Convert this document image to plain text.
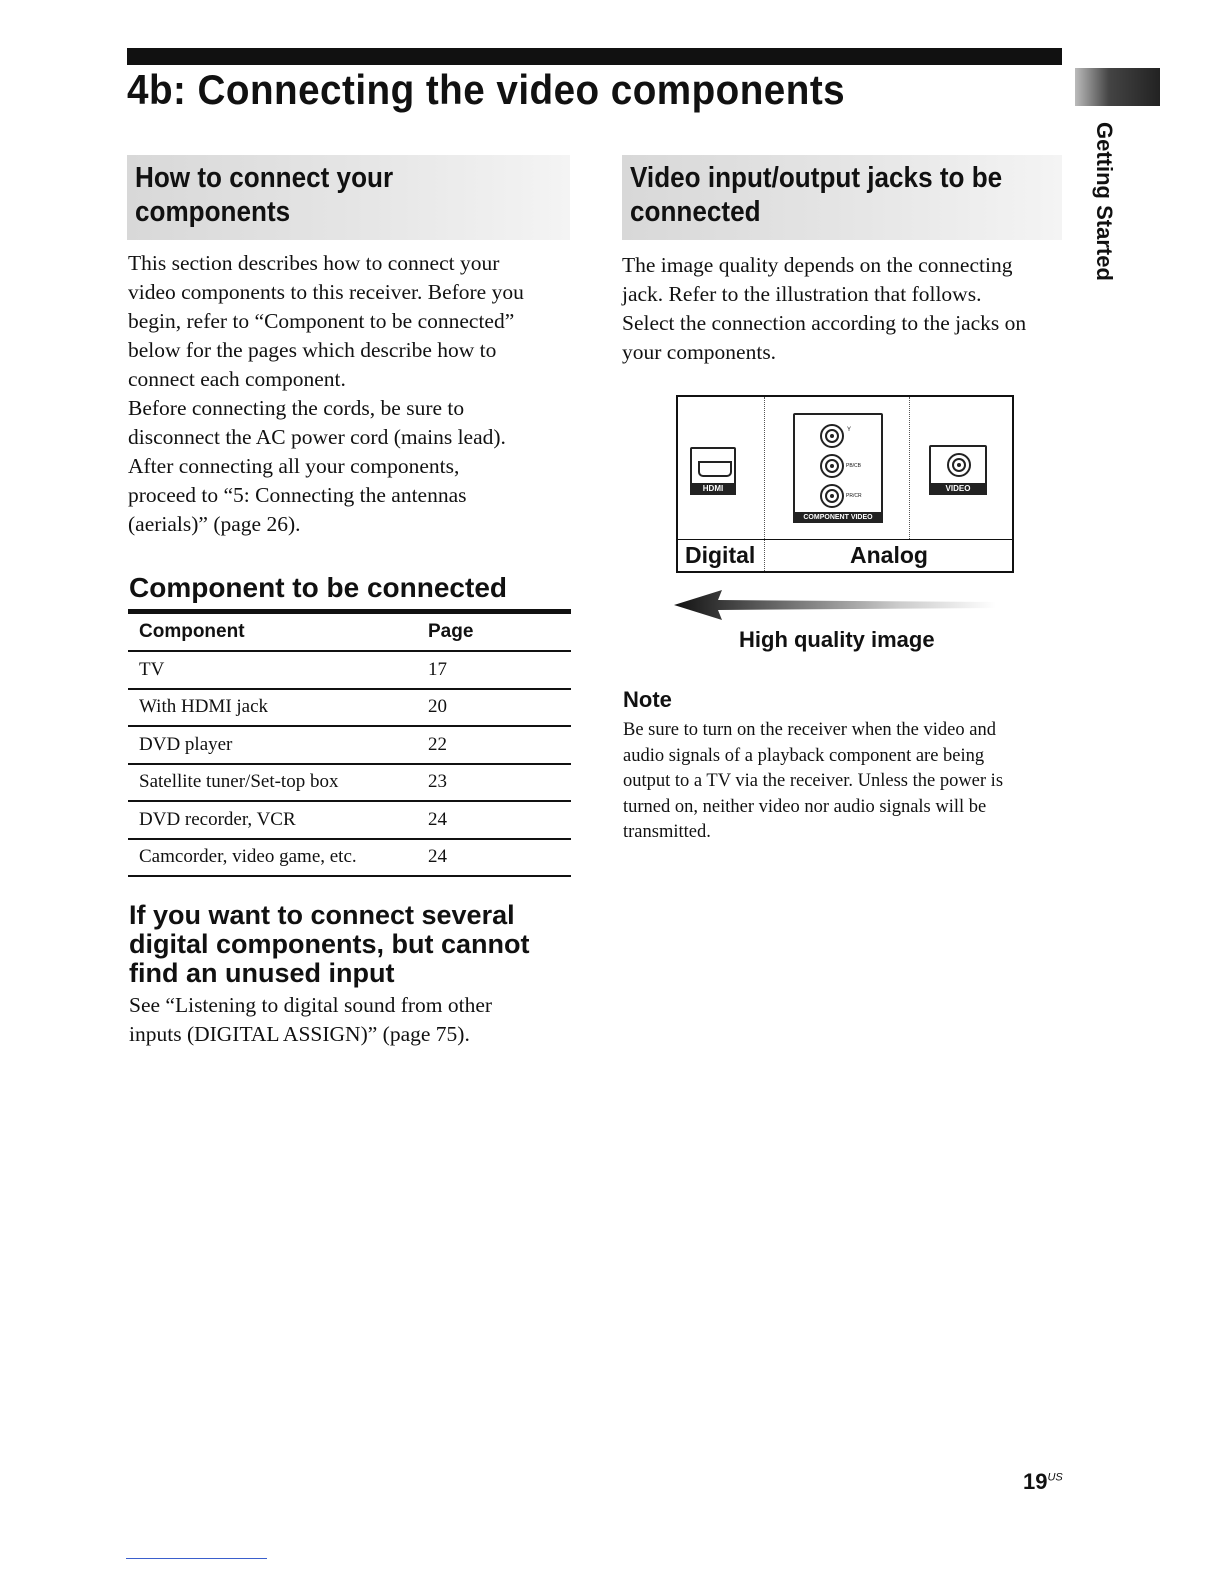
4b: Connecting the video components
Getting Started
How to connect your
components

This section describes how to connect your

video components to this receiver. Before you

begin, refer to “Component to be connected”

below for the pages which describe how to

connect each component.

Before connecting the cords, be sure to

disconnect the AC power cord (mains lead).

After connecting all your components,

proceed to “5: Connecting the antennas

(aerials)” (page 26).

Component to be connected
Component	Page
TV	17
With HDMI jack	20
DVD player	22
Satellite tuner/Set-top box	23
DVD recorder, VCR	24
Camcorder, video game, etc.	24
If you want to connect several
digital components, but cannot
find an unused input

See “Listening to digital sound from other

inputs (DIGITAL ASSIGN)” (page 75).

Video input/output jacks to be
connected

The image quality depends on the connecting

jack. Refer to the illustration that follows.

Select the connection according to the jacks on

your components.

HDMI
Y
PB/CB
PR/CR
COMPONENT VIDEO
VIDEO
Digital	Analog
High quality image
Note

Be sure to turn on the receiver when the video and

audio signals of a playback component are being

output to a TV via the receiver. Unless the power is

turned on, neither video nor audio signals will be

transmitted.

$19^{US}$
